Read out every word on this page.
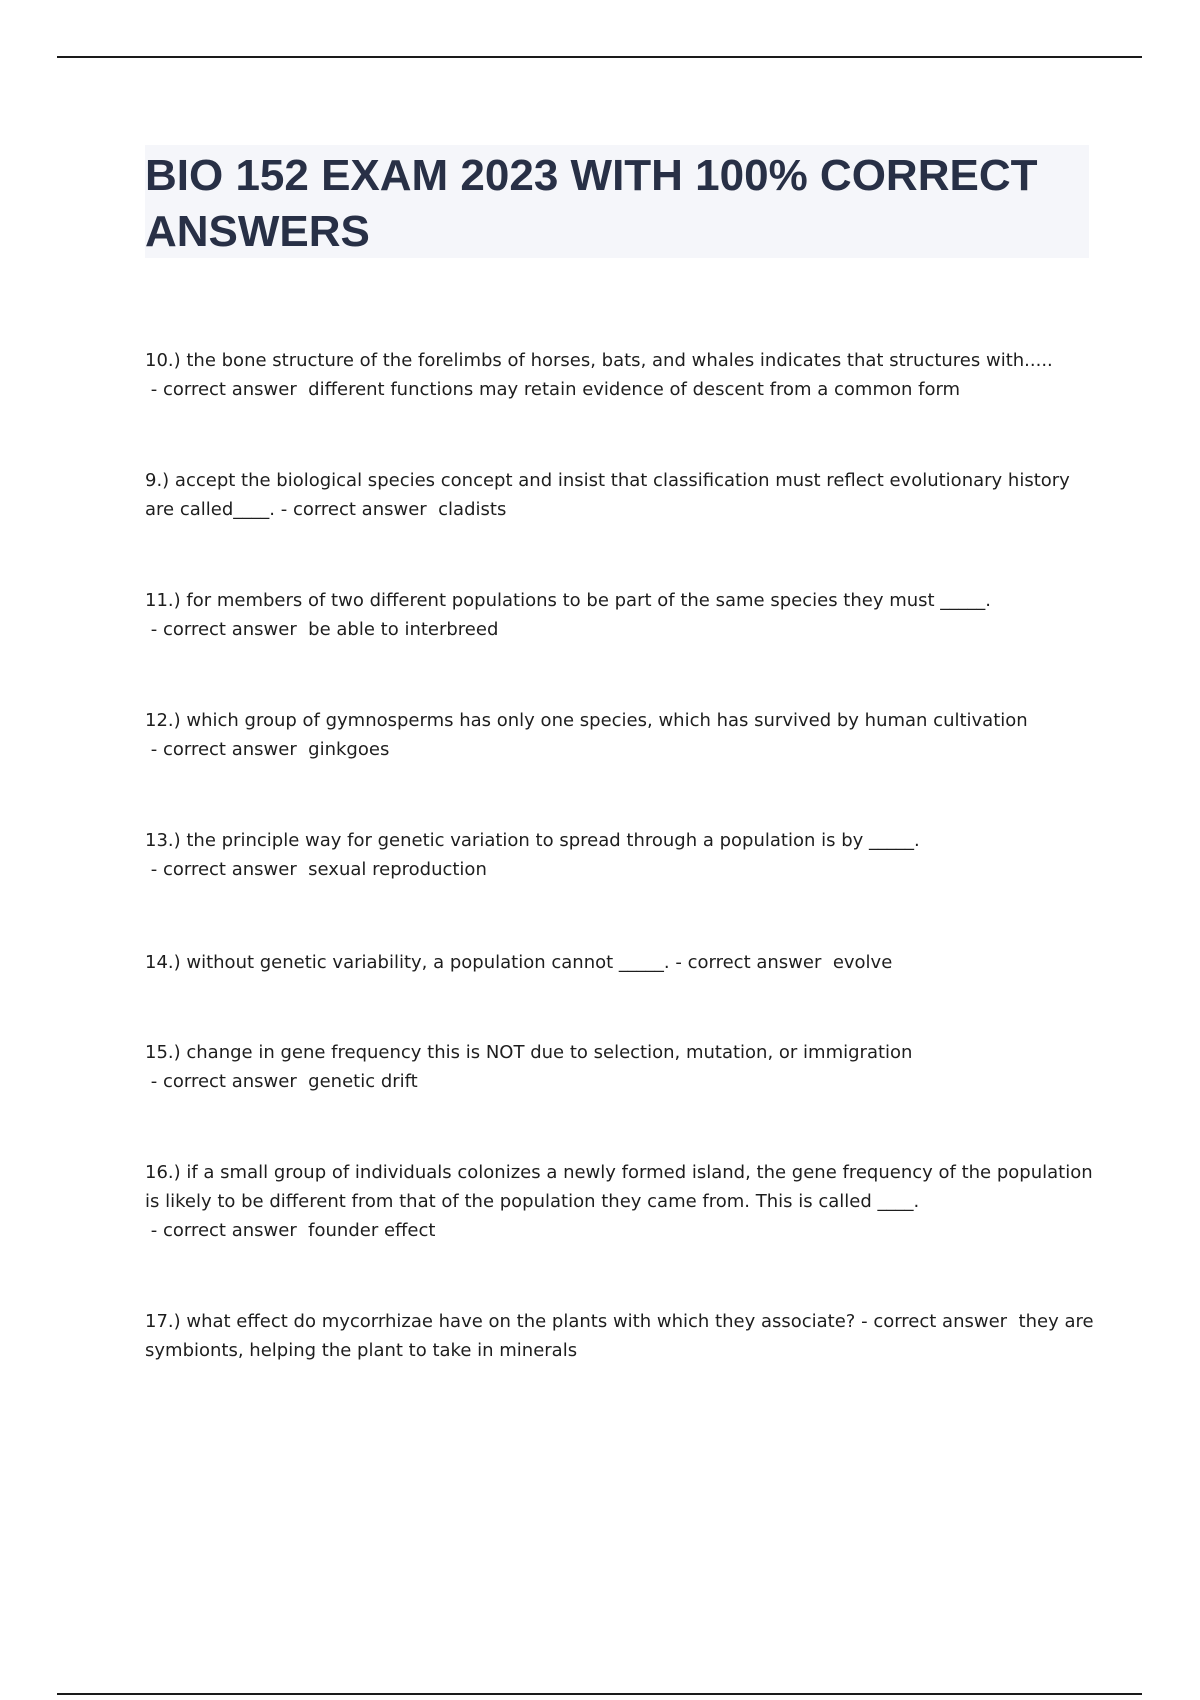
BIO 152 EXAM 2023 WITH 100% CORRECT ANSWERS

10.) the bone structure of the forelimbs of horses, bats, and whales indicates that structures with..... - correct answer different functions may retain evidence of descent from a common form

9.) accept the biological species concept and insist that classification must reflect evolutionary history are called____. - correct answer cladists

11.) for members of two different populations to be part of the same species they must _____. - correct answer be able to interbreed

12.) which group of gymnosperms has only one species, which has survived by human cultivation - correct answer ginkgoes

13.) the principle way for genetic variation to spread through a population is by _____. - correct answer sexual reproduction

14.) without genetic variability, a population cannot _____. - correct answer evolve

15.) change in gene frequency this is NOT due to selection, mutation, or immigration - correct answer genetic drift

16.) if a small group of individuals colonizes a newly formed island, the gene frequency of the population is likely to be different from that of the population they came from. This is called ____. - correct answer founder effect

17.) what effect do mycorrhizae have on the plants with which they associate? - correct answer they are symbionts, helping the plant to take in minerals
